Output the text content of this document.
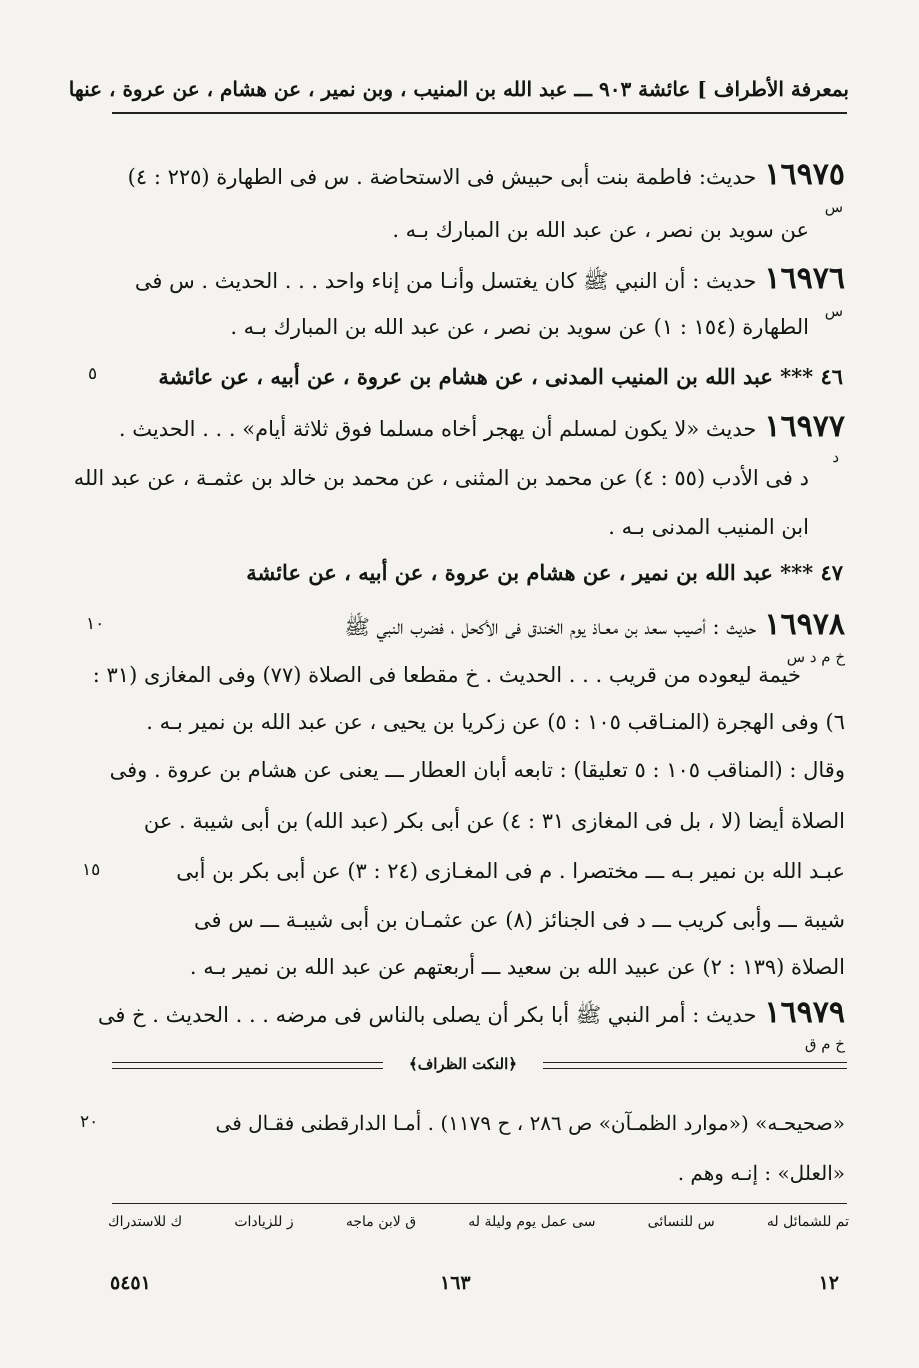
بمعرفة الأطراف ] عائشة ٩٠٣ ـــ عبد الله بن المنيب ، وبن نمير ، عن هشام ، عن عروة ، عنها
١٦٩٧٥حديث: فاطمة بنت أبى حبيش فى الاستحاضة . س فى الطهارة (٢٢٥ : ٤)
س
عن سويد بن نصر ، عن عبد الله بن المبارك بـه .
١٦٩٧٦حديث : أن النبي ﷺ كان يغتسل وأنـا من إناء واحد . . . الحديث . س فى
س
الطهارة (١٥٤ : ١) عن سويد بن نصر ، عن عبد الله بن المبارك بـه .
٤٦ *** عبد الله بن المنيب المدنى ، عن هشام بن عروة ، عن أبيه ، عن عائشة
٥
١٦٩٧٧حديث «لا يكون لمسلم أن يهجر أخاه مسلما فوق ثلاثة أيام» . . . الحديث .
د
د فى الأدب (٥٥ : ٤) عن محمد بن المثنى ، عن محمد بن خالد بن عثمـة ، عن عبد الله
ابن المنيب المدنى بـه .
٤٧ *** عبد الله بن نمير ، عن هشام بن عروة ، عن أبيه ، عن عائشة
١٦٩٧٨حديث : أصيب سعد بن معـاذ يوم الخندق فى الأكحل ، فضرب النبي ﷺ
١٠
خ م د س
خيمة ليعوده من قريب . . . الحديث . خ مقطعا فى الصلاة (٧٧) وفى المغازى (٣١ :
٦) وفى الهجرة (المنـاقب ١٠٥ : ٥) عن زكريا بن يحيى ، عن عبد الله بن نمير بـه .
وقال : (المناقب ١٠٥ : ٥ تعليقا) : تابعه أبان العطار ـــ يعنى عن هشام بن عروة . وفى
الصلاة أيضا (لا ، بل فى المغازى ٣١ : ٤) عن أبى بكر (عبد الله) بن أبى شيبة . عن
عبـد الله بن نمير بـه ـــ مختصرا . م فى المغـازى (٢٤ : ٣) عن أبى بكر بن أبى
١٥
شيبة ـــ وأبى كريب ـــ د فى الجنائز (٨) عن عثمـان بن أبى شيبـة ـــ س فى
الصلاة (١٣٩ : ٢) عن عبيد الله بن سعيد ـــ أربعتهم عن عبد الله بن نمير بـه .
١٦٩٧٩حديث : أمر النبي ﷺ أبا بكر أن يصلى بالناس فى مرضه . . . الحديث . خ فى
خ م ق
﴿النكت الظراف﴾
«صحيحـه» («موارد الظمـآن» ص ٢٨٦ ، ح ١١٧٩) . أمـا الدارقطنى فقـال فى
٢٠
«العلل» : إنـه وهم .
تم للشمائل له
س للنسائى
سى عمل يوم وليلة له
ق لابن ماجه
ز للزيادات
ك للاستدراك
١٢
١٦٣
٥٤٥١
